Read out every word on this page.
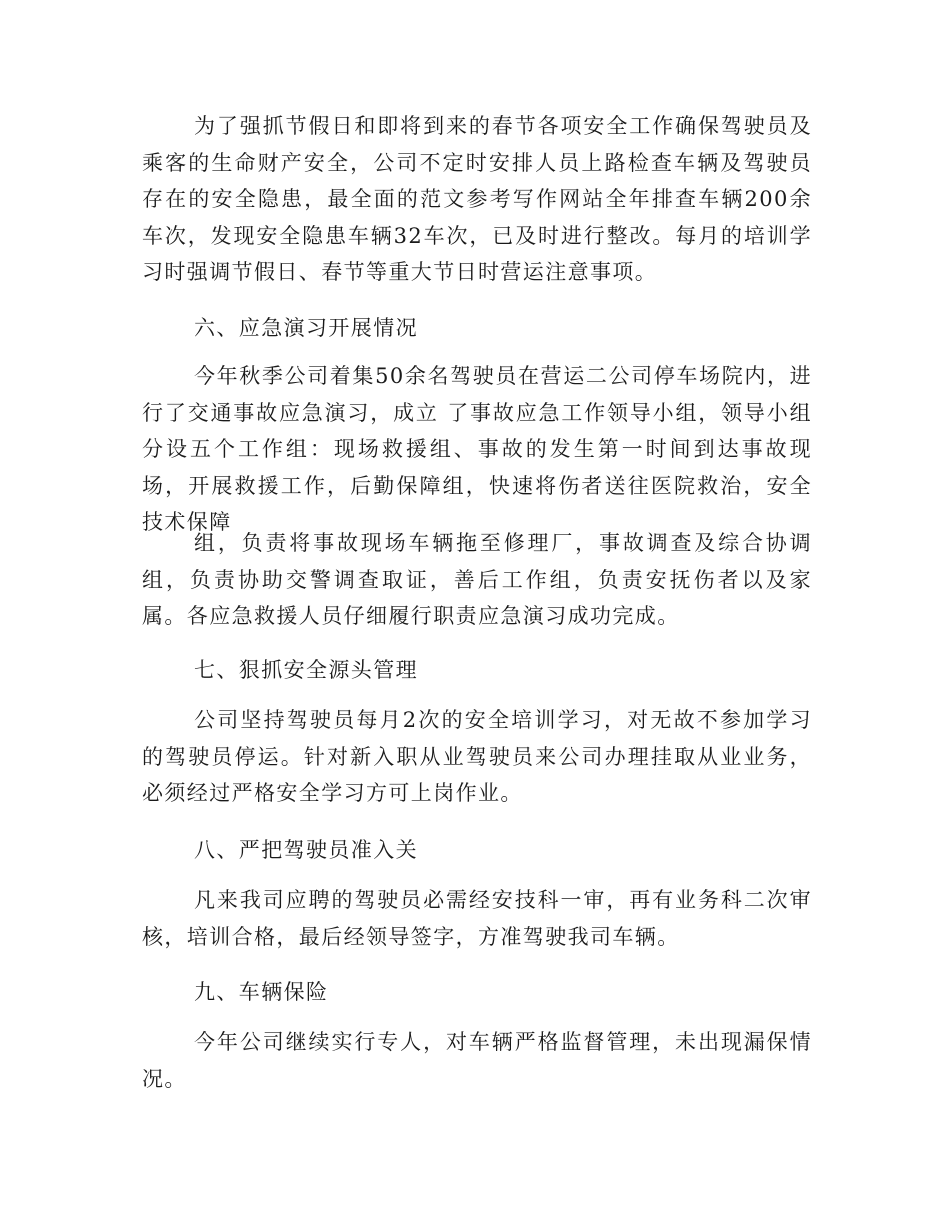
为了强抓节假日和即将到来的春节各项安全工作确保驾驶员及乘客的生命财产安全，公司不定时安排人员上路检查车辆及驾驶员存在的安全隐患，最全面的范文参考写作网站全年排查车辆200余车次，发现安全隐患车辆32车次，已及时进行整改。每月的培训学习时强调节假日、春节等重大节日时营运注意事项。

六、应急演习开展情况

今年秋季公司着集50余名驾驶员在营运二公司停车场院内，进行了交通事故应急演习，成立 了事故应急工作领导小组，领导小组分设五个工作组：现场救援组、事故的发生第一时间到达事故现场，开展救援工作，后勤保障组，快速将伤者送往医院救治，安全技术保障

组，负责将事故现场车辆拖至修理厂，事故调查及综合协调组，负责协助交警调查取证，善后工作组，负责安抚伤者以及家属。各应急救援人员仔细履行职责应急演习成功完成。

七、狠抓安全源头管理

公司坚持驾驶员每月2次的安全培训学习，对无故不参加学习的驾驶员停运。针对新入职从业驾驶员来公司办理挂取从业业务，必须经过严格安全学习方可上岗作业。

八、严把驾驶员准入关

凡来我司应聘的驾驶员必需经安技科一审，再有业务科二次审核，培训合格，最后经领导签字，方准驾驶我司车辆。

九、车辆保险

今年公司继续实行专人，对车辆严格监督管理，未出现漏保情况。
